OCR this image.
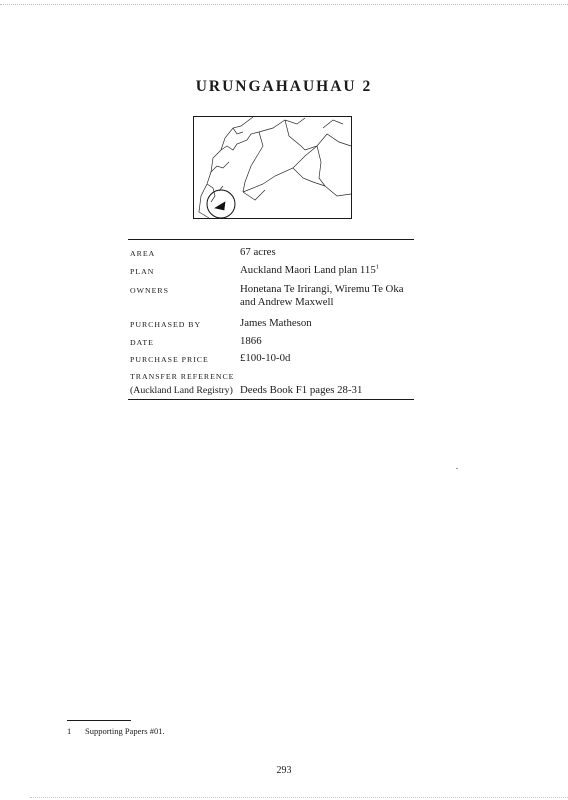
URUNGAHAUHAU 2
AREA	67 acres
PLAN	Auckland Maori Land plan 115$^1$
OWNERS	Honetana Te Irirangi, Wiremu Te Oka
and Andrew Maxwell
PURCHASED BY	James Matheson
DATE	1866
PURCHASE PRICE	£100-10-0d
TRANSFER REFERENCE
(Auckland Land Registry) Deeds Book F1 pages 28-31
1 Supporting Papers #01.
293
